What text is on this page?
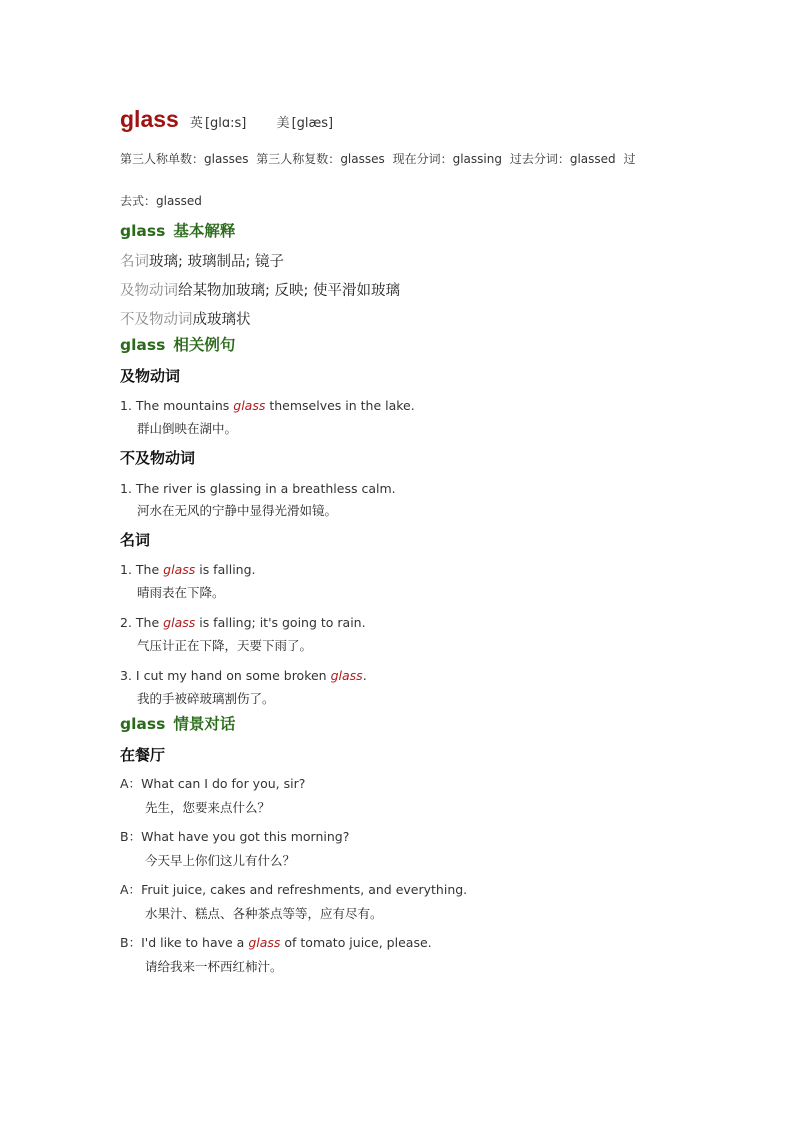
glass 英 [glɑ:s] 美 [glæs]
第三人称单数：glasses 第三人称复数：glasses 现在分词：glassing 过去分词：glassed 过
去式：glassed
glass 基本解释
名词玻璃; 玻璃制品; 镜子
及物动词给某物加玻璃; 反映; 使平滑如玻璃
不及物动词成玻璃状
glass 相关例句
及物动词
1. The mountains glass themselves in the lake.
群山倒映在湖中。
不及物动词
1. The river is glassing in a breathless calm.
河水在无风的宁静中显得光滑如镜。
名词
1. The glass is falling.
晴雨表在下降。
2. The glass is falling; it's going to rain.
气压计正在下降，天要下雨了。
3. I cut my hand on some broken glass.
我的手被碎玻璃割伤了。
glass 情景对话
在餐厅
A：What can I do for you, sir?
先生，您要来点什么？
B：What have you got this morning?
今天早上你们这儿有什么？
A：Fruit juice, cakes and refreshments, and everything.
水果汁、糕点、各种茶点等等，应有尽有。
B：I'd like to have a glass of tomato juice, please.
请给我来一杯西红柿汁。
